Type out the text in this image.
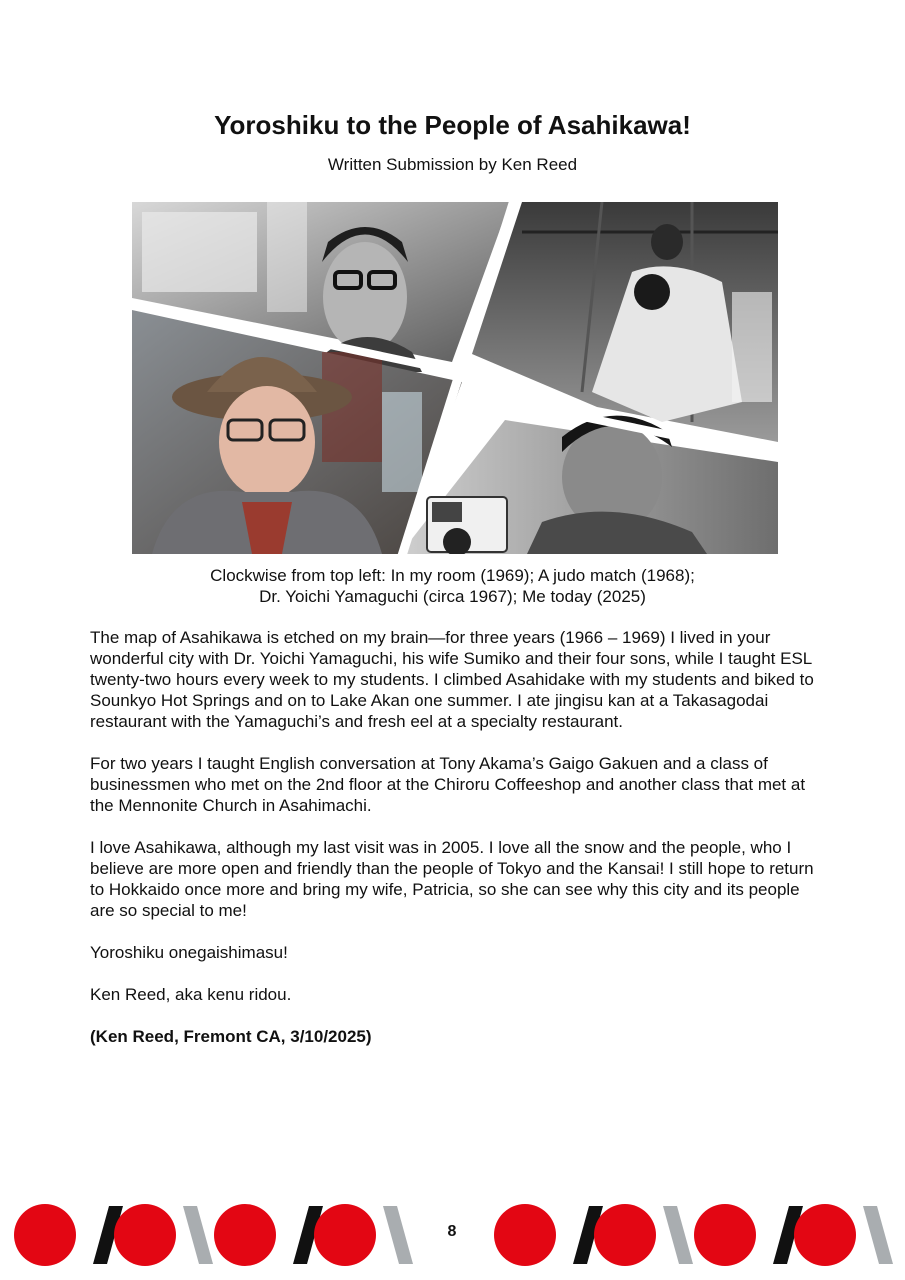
Yoroshiku to the People of Asahikawa!
Written Submission by Ken Reed
Clockwise from top left: In my room (1969); A judo match (1968);
Dr. Yoichi Yamaguchi (circa 1967); Me today (2025)

The map of Asahikawa is etched on my brain—for three years (1966 – 1969) I lived in your wonderful city with Dr. Yoichi Yamaguchi, his wife Sumiko and their four sons, while I taught ESL twenty-two hours every week to my students. I climbed Asahidake with my students and biked to Sounkyo Hot Springs and on to Lake Akan one summer. I ate jingisu kan at a Takasagodai restaurant with the Yamaguchi’s and fresh eel at a specialty restaurant.

For two years I taught English conversation at Tony Akama’s Gaigo Gakuen and a class of businessmen who met on the 2nd floor at the Chiroru Coffeeshop and another class that met at the Mennonite Church in Asahimachi.

I love Asahikawa, although my last visit was in 2005. I love all the snow and the people, who I believe are more open and friendly than the people of Tokyo and the Kansai! I still hope to return to Hokkaido once more and bring my wife, Patricia, so she can see why this city and its people are so special to me!

Yoroshiku onegaishimasu!

Ken Reed, aka kenu ridou.

(Ken Reed, Fremont CA, 3/10/2025)

8
